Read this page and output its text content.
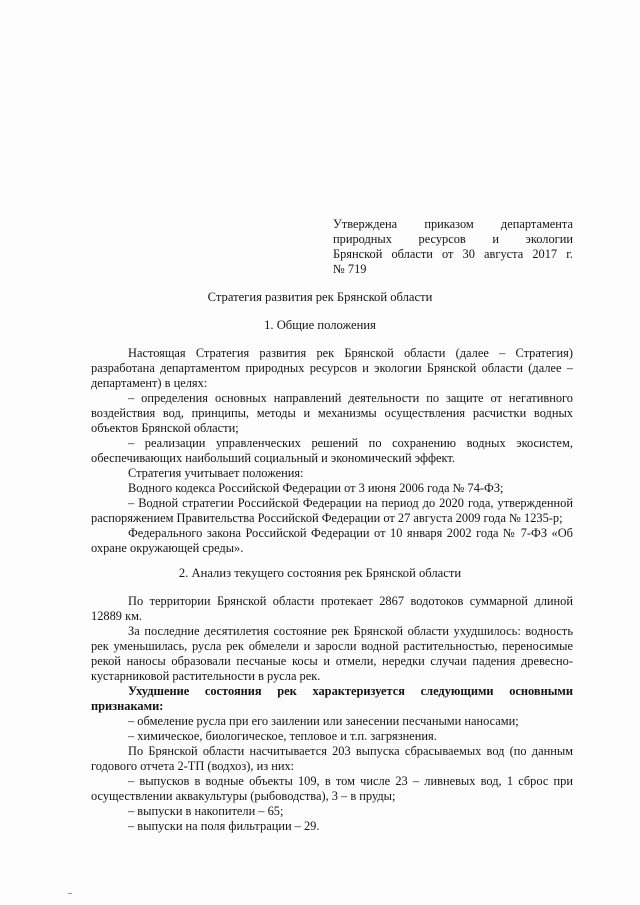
Утверждена приказом департамента
природных ресурсов и экологии
Брянской области от 30 августа 2017 г.
№ 719
Стратегия развития рек Брянской области
1. Общие положения

Настоящая Стратегия развития рек Брянской области (далее – Стратегия) разработана департаментом природных ресурсов и экологии Брянской области (далее – департамент) в целях:

– определения основных направлений деятельности по защите от негативного воздействия вод, принципы, методы и механизмы осуществления расчистки водных объектов Брянской области;

– реализации управленческих решений по сохранению водных экосистем, обеспечивающих наибольший социальный и экономический эффект.

Стратегия учитывает положения:

Водного кодекса Российской Федерации от 3 июня 2006 года № 74-ФЗ;

– Водной стратегии Российской Федерации на период до 2020 года, утвержденной распоряжением Правительства Российской Федерации от 27 августа 2009 года № 1235-р;

Федерального закона Российской Федерации от 10 января 2002 года № 7-ФЗ «Об охране окружающей среды».

2. Анализ текущего состояния рек Брянской области

По территории Брянской области протекает 2867 водотоков суммарной длиной 12889 км.

За последние десятилетия состояние рек Брянской области ухудшилось: водность рек уменьшилась, русла рек обмелели и заросли водной растительностью, переносимые рекой наносы образовали песчаные косы и отмели, нередки случаи падения древесно-кустарниковой растительности в русла рек.

Ухудшение состояния рек характеризуется следующими основными признаками:

– обмеление русла при его заилении или занесении песчаными наносами;

– химическое, биологическое, тепловое и т.п. загрязнения.

По Брянской области насчитывается 203 выпуска сбрасываемых вод (по данным годового отчета 2-ТП (водхоз), из них:

– выпусков в водные объекты 109, в том числе 23 – ливневых вод, 1 сброс при осуществлении аквакультуры (рыбоводства), 3 – в пруды;

– выпуски в накопители – 65;

– выпуски на поля фильтрации – 29.
